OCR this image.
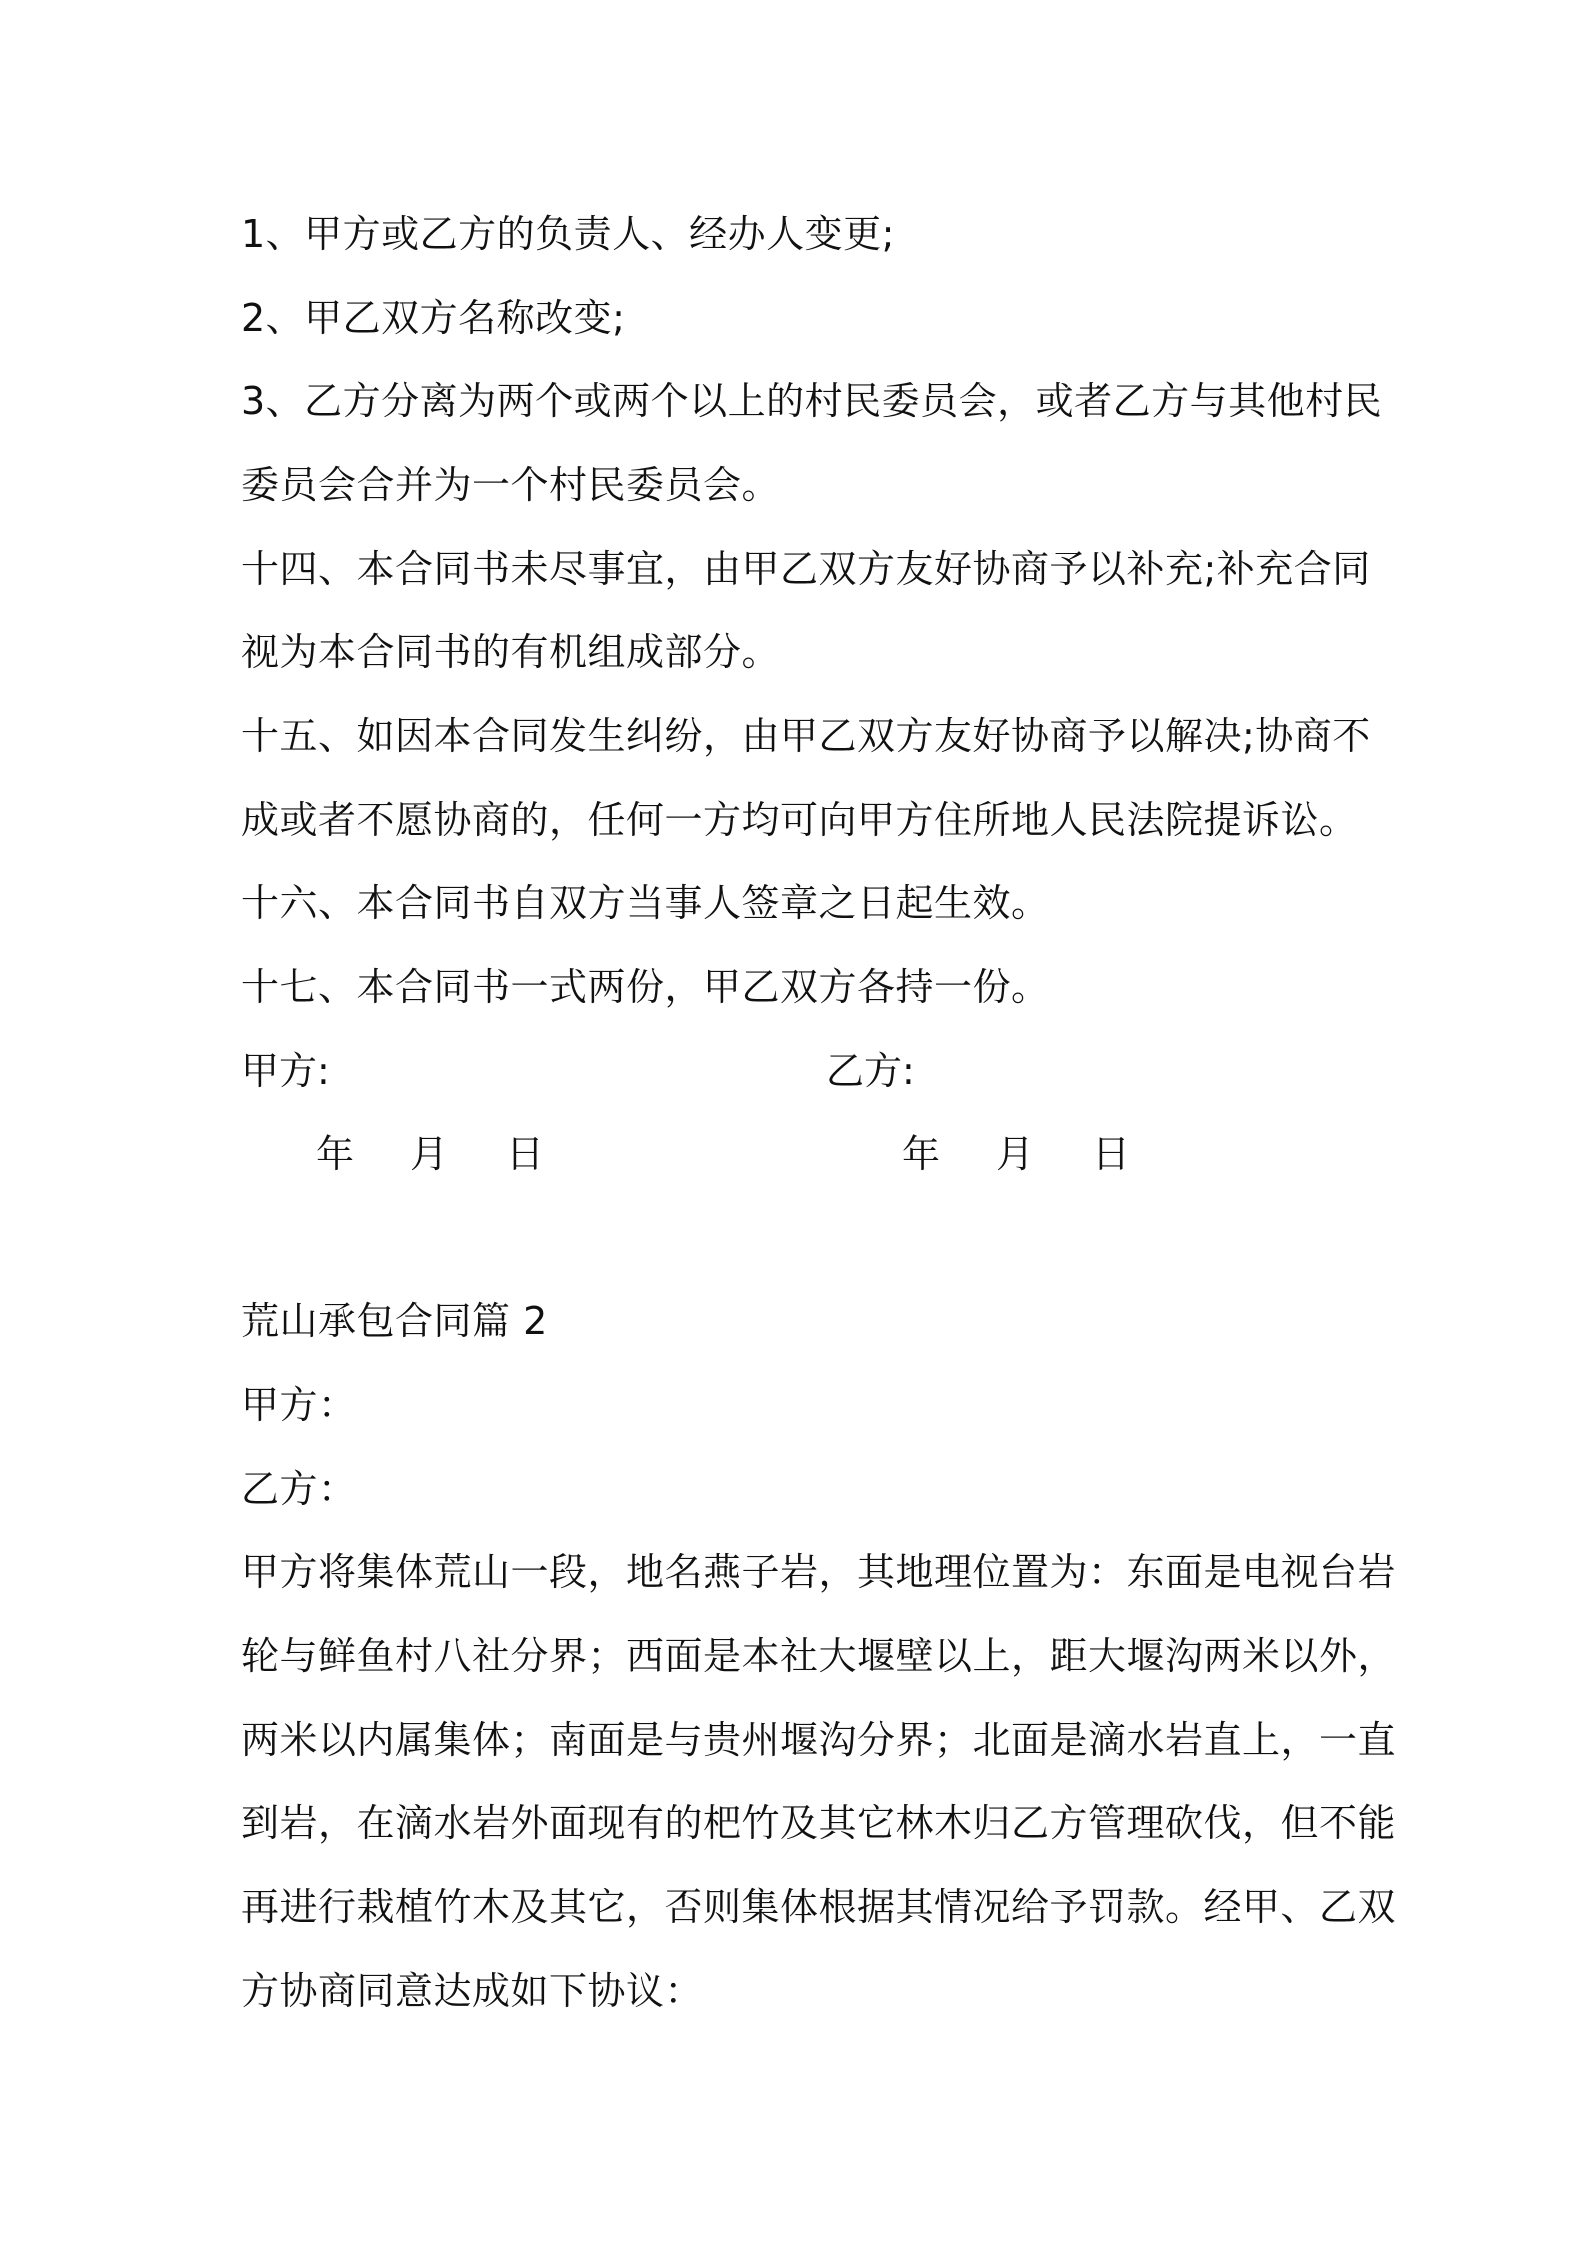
1、甲方或乙方的负责人、经办人变更;
2、甲乙双方名称改变;
3、乙方分离为两个或两个以上的村民委员会，或者乙方与其他村民
委员会合并为一个村民委员会。
十四、本合同书未尽事宜，由甲乙双方友好协商予以补充;补充合同
视为本合同书的有机组成部分。
十五、如因本合同发生纠纷，由甲乙双方友好协商予以解决;协商不
成或者不愿协商的，任何一方均可向甲方住所地人民法院提诉讼。
十六、本合同书自双方当事人签章之日起生效。
十七、本合同书一式两份，甲乙双方各持一份。
甲方:	乙方:
年 月 日	年 月 日
荒山承包合同篇 2
甲方：
乙方：
甲方将集体荒山一段，地名燕子岩，其地理位置为：东面是电视台岩
轮与鲜鱼村八社分界；西面是本社大堰壁以上，距大堰沟两米以外，
两米以内属集体；南面是与贵州堰沟分界；北面是滴水岩直上，一直
到岩，在滴水岩外面现有的杷竹及其它林木归乙方管理砍伐，但不能
再进行栽植竹木及其它，否则集体根据其情况给予罚款。经甲、乙双
方协商同意达成如下协议：
